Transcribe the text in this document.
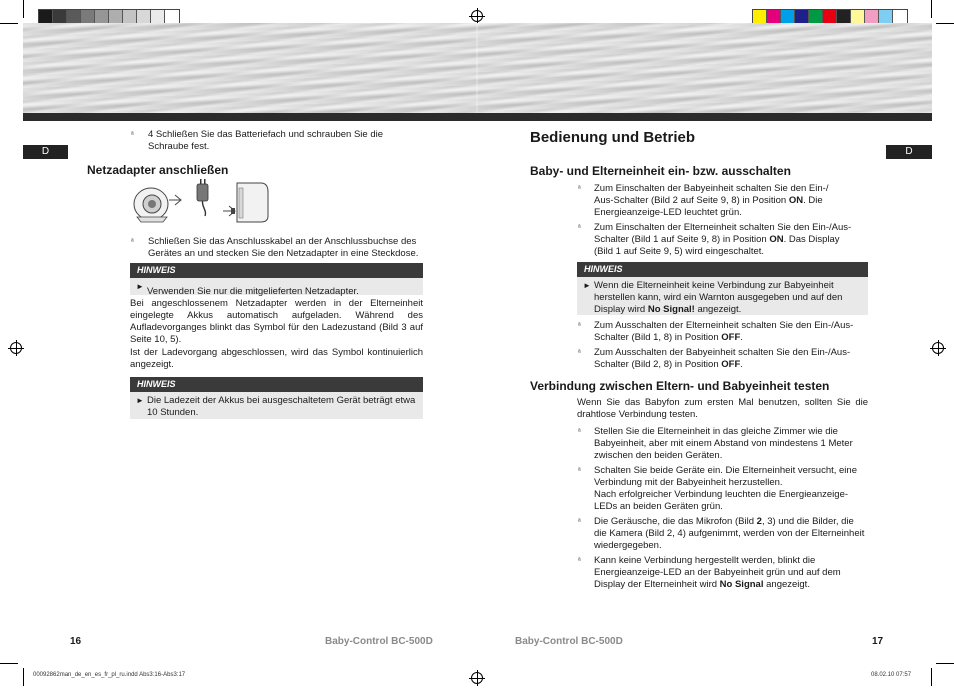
D	D
ᵃ 4 Schließen Sie das Batteriefach und schrauben Sie die
Schraube fest.
Netzadapter anschließen
ᵃ Schließen Sie das Anschlusskabel an der Anschlussbuchse des
Gerätes an und stecken Sie den Netzadapter in eine Steckdose.
HINWEIS
► Verwenden Sie nur die mitgelieferten Netzadapter.
Bei angeschlossenem Netzadapter werden in der Elterneinheit eingelegte Akkus automatisch aufgeladen. Während des Aufladevorganges blinkt das Symbol für den Ladezustand (Bild 3 auf Seite 10, 5).
Ist der Ladevorgang abgeschlossen, wird das Symbol kontinuierlich angezeigt.
HINWEIS
► Die Ladezeit der Akkus bei ausgeschaltetem Gerät beträgt etwa
10 Stunden.
16	Baby-Control BC-500D
Bedienung und Betrieb
Baby- und Elterneinheit ein- bzw. ausschalten
ᵃ Zum Einschalten der Babyeinheit schalten Sie den Ein-/
Aus-Schalter (Bild 2 auf Seite 9, 8) in Position ON. Die
Energieanzeige-LED leuchtet grün.
ᵃ Zum Einschalten der Elterneinheit schalten Sie den Ein-/Aus-
Schalter (Bild 1 auf Seite 9, 8) in Position ON. Das Display
(Bild 1 auf Seite 9, 5) wird eingeschaltet.
HINWEIS
► Wenn die Elterneinheit keine Verbindung zur Babyeinheit
herstellen kann, wird ein Warnton ausgegeben und auf den
Display wird No Signal! angezeigt.
ᵃ Zum Ausschalten der Elterneinheit schalten Sie den Ein-/Aus-
Schalter (Bild 1, 8) in Position OFF.
ᵃ Zum Ausschalten der Babyeinheit schalten Sie den Ein-/Aus-
Schalter (Bild 2, 8) in Position OFF.
Verbindung zwischen Eltern- und Babyeinheit testen
Wenn Sie das Babyfon zum ersten Mal benutzen, sollten Sie die drahtlose Verbindung testen.
ᵃ Stellen Sie die Elterneinheit in das gleiche Zimmer wie die
Babyeinheit, aber mit einem Abstand von mindestens 1 Meter
zwischen den beiden Geräten.
ᵃ Schalten Sie beide Geräte ein. Die Elterneinheit versucht, eine
Verbindung mit der Babyeinheit herzustellen.
Nach erfolgreicher Verbindung leuchten die Energieanzeige-
LEDs an beiden Geräten grün.
ᵃ Die Geräusche, die das Mikrofon (Bild 2, 3) und die Bilder, die
die Kamera (Bild 2, 4) aufgenimmt, werden von der Elterneinheit
wiedergegeben.
ᵃ Kann keine Verbindung hergestellt werden, blinkt die
Energieanzeige-LED an der Babyeinheit grün und auf dem
Display der Elterneinheit wird No Signal angezeigt.
Baby-Control BC-500D	17
00092862man_de_en_es_fr_pl_ru.indd Abs3:16-Abs3:17	08.02.10 07:57
